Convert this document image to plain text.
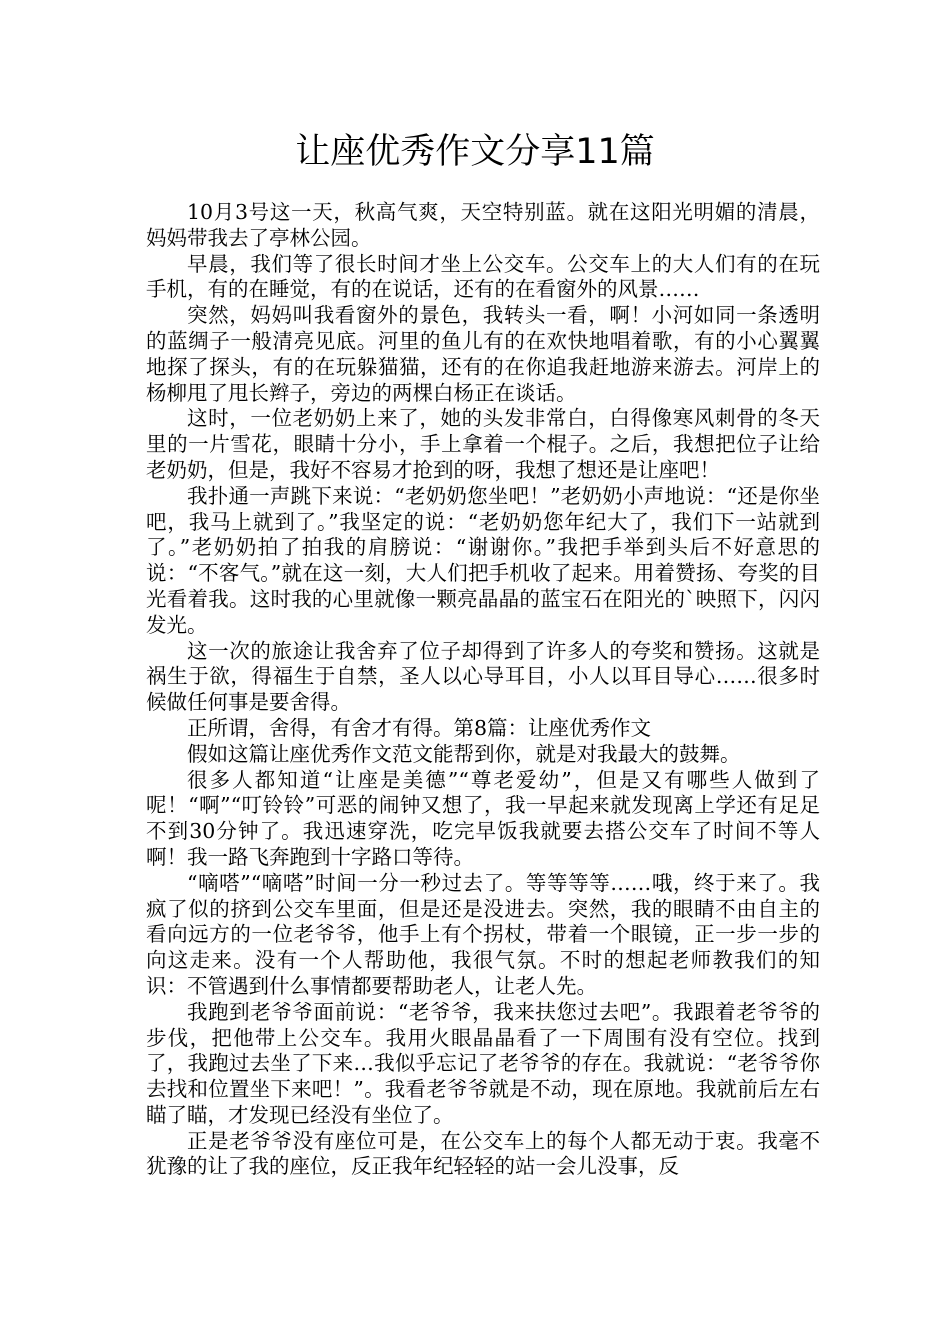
让座优秀作文分享11篇

10月3号这一天，秋高气爽，天空特别蓝。就在这阳光明媚的清晨，妈妈带我去了亭林公园。

早晨，我们等了很长时间才坐上公交车。公交车上的大人们有的在玩手机，有的在睡觉，有的在说话，还有的在看窗外的风景……

突然，妈妈叫我看窗外的景色，我转头一看，啊！小河如同一条透明的蓝绸子一般清亮见底。河里的鱼儿有的在欢快地唱着歌，有的小心翼翼地探了探头，有的在玩躲猫猫，还有的在你追我赶地游来游去。河岸上的杨柳甩了甩长辫子，旁边的两棵白杨正在谈话。

这时，一位老奶奶上来了，她的头发非常白，白得像寒风刺骨的冬天里的一片雪花，眼睛十分小，手上拿着一个棍子。之后，我想把位子让给老奶奶，但是，我好不容易才抢到的呀，我想了想还是让座吧！

我扑通一声跳下来说：“老奶奶您坐吧！”老奶奶小声地说：“还是你坐吧，我马上就到了。”我坚定的说：“老奶奶您年纪大了，我们下一站就到了。”老奶奶拍了拍我的肩膀说：“谢谢你。”我把手举到头后不好意思的说：“不客气。”就在这一刻，大人们把手机收了起来。用着赞扬、夸奖的目光看着我。这时我的心里就像一颗亮晶晶的蓝宝石在阳光的`映照下，闪闪发光。

这一次的旅途让我舍弃了位子却得到了许多人的夸奖和赞扬。这就是祸生于欲，得福生于自禁，圣人以心导耳目，小人以耳目导心……很多时候做任何事是要舍得。

正所谓，舍得，有舍才有得。第8篇：让座优秀作文

假如这篇让座优秀作文范文能帮到你，就是对我最大的鼓舞。

很多人都知道“让座是美德”“尊老爱幼”，但是又有哪些人做到了呢！“啊”“叮铃铃”可恶的闹钟又想了，我一早起来就发现离上学还有足足不到30分钟了。我迅速穿洗，吃完早饭我就要去搭公交车了时间不等人啊！我一路飞奔跑到十字路口等待。

“嘀嗒”“嘀嗒”时间一分一秒过去了。等等等等……哦，终于来了。我疯了似的挤到公交车里面，但是还是没进去。突然，我的眼睛不由自主的看向远方的一位老爷爷，他手上有个拐杖，带着一个眼镜，正一步一步的向这走来。没有一个人帮助他，我很气氛。不时的想起老师教我们的知识：不管遇到什么事情都要帮助老人，让老人先。

我跑到老爷爷面前说：“老爷爷，我来扶您过去吧”。我跟着老爷爷的步伐，把他带上公交车。我用火眼晶晶看了一下周围有没有空位。找到了，我跑过去坐了下来…我似乎忘记了老爷爷的存在。我就说：“老爷爷你去找和位置坐下来吧！”。我看老爷爷就是不动，现在原地。我就前后左右瞄了瞄，才发现已经没有坐位了。

正是老爷爷没有座位可是，在公交车上的每个人都无动于衷。我毫不犹豫的让了我的座位，反正我年纪轻轻的站一会儿没事，反
